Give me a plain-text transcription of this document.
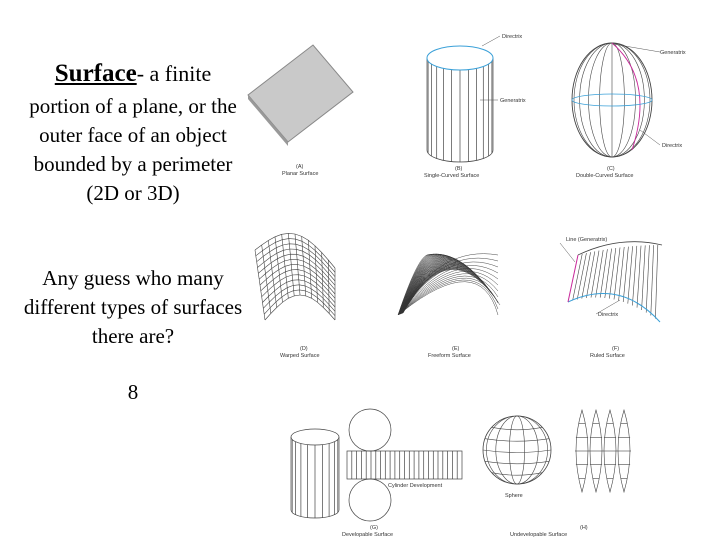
Surface- a finite
portion of a plane, or the outer face of an object bounded by a perimeter (2D or 3D)
Any guess who many different types of surfaces there are?
8
(A)
Planar Surface
Directrix
Generatrix
(B)
Single-Curved Surface
Generatrix
Directrix
(C)
Double-Curved Surface
(D)
Warped Surface
(E)
Freeform Surface
Line (Generatrix)
Directrix
(F)
Ruled Surface
Cylinder Development
(G)
Developable Surface
Sphere
(H)
Undevelopable Surface
